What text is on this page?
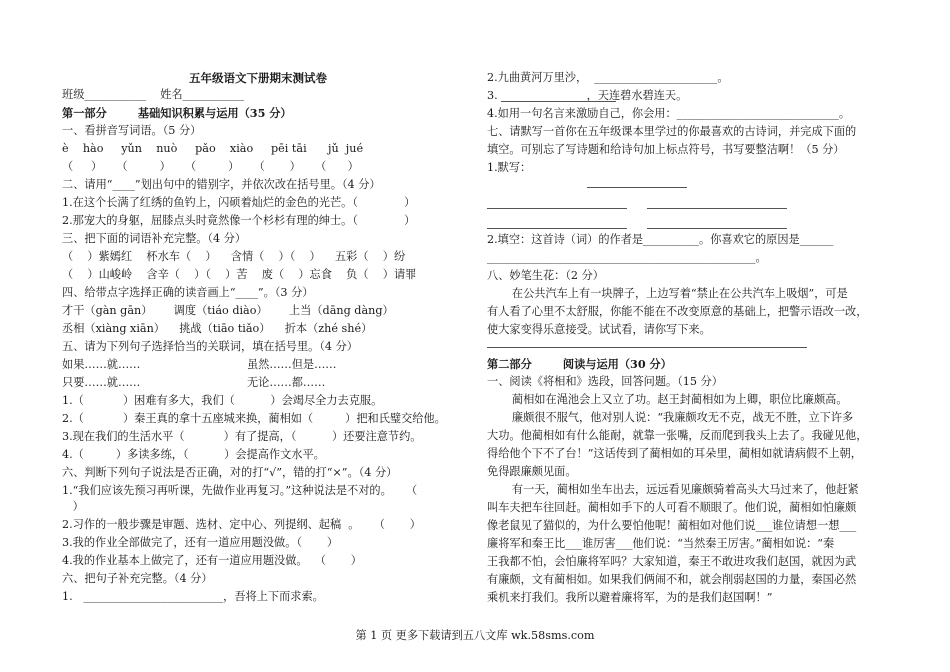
五年级语文下册期末测试卷
班级___________    姓名___________
第一部分        基础知识积累与运用（35 分）
一、看拼音写词语。（5 分）
è    hào     yǔn    nuò     pǎo    xiào     pēi tāi      jǔ  jué
（     ）    （         ）    （         ）    （       ）    （      ）
二、请用“____”划出句中的错别字，并依次改在括号里。（4 分）
1.在这个长满了红绣的鱼钓上，闪硕着灿烂的金色的光芒。（             ）
2.那宠大的身躯，屈膝点头时竟然像一个杉杉有理的绅士。（             ）
三、把下面的词语补充完整。（4 分）
（    ）紫嫣红    杯水车（    ）    含情（    ）（    ）    五彩（    ）纷
（    ）山峻岭    含辛（    ）（    ）苦    废（    ）忘食    负（    ）请罪
四、给带点字选择正确的读音画上“____”。（3 分）
才干（gàn gān）      调度（tiáo diào）      上当（dāng dàng）
丞相（xiàng xiān）    挑战（tiāo tiǎo）    折本（zhé shé）
五、请为下列句子选择恰当的关联词，填在括号里。（4 分）
如果……就……                              虽然……但是……
只要……就……                              无论……都……
1.（           ）困难有多大，我们（          ）会竭尽全力去克服。
2.（           ）秦王真的拿十五座城来换，蔺相如（         ）把和氏璧交给他。
3.现在我们的生活水平（           ）有了提高，（          ）还要注意节约。
4.（         ）多读多练，（          ）会提高作文水平。
六、判断下列句子说法是否正确，对的打“√”，错的打“×”。（4 分）
1.“我们应该先预习再听课，先做作业再复习。”这种说法是不对的。    （
）
2.习作的一般步骤是审题、选材、定中心、列提纲、起稿  。    （       ）
3.我的作业全部做完了，还有一道应用题没做。（       ）
4.我的作业基本上做完了，还有一道应用题没做。  （       ）
六、把句子补充完整。（4 分）
1.   _________________________，吾将上下而求索。
2.九曲黄河万里沙，  ______________________。
3.                         ，天连碧水碧连天。
4.如用一句名言来激励自己，你会用：_____________________________。
七、请默写一首你在五年级课本里学过的你最喜欢的古诗词，并完成下面的
填空。可别忘了写诗题和给诗句加上标点符号，书写要整洁啊！（5 分）
1.默写：
2.填空：这首诗（词）的作者是__________。你喜欢它的原因是______
________________________________________________。
八、妙笔生花：（2 分）
在公共汽车上有一块牌子，上边写着“禁止在公共汽车上吸烟”，可是
有人看了心里不太舒服，你能不能在不改变原意的基础上，把警示语改一改，
使大家变得乐意接受。试试看，请你写下来。
第二部分        阅读与运用（30 分）
一、阅读《将相和》选段，回答问题。（15 分）
蔺相如在渑池会上又立了功。赵王封蔺相如为上卿，职位比廉颇高。
廉颇很不服气，他对别人说：“我廉颇攻无不克，战无不胜，立下许多
大功。他蔺相如有什么能耐，就靠一张嘴，反而爬到我头上去了。我碰见他，
得给他个下不了台！”这话传到了蔺相如的耳朵里，蔺相如就请病假不上朝，
免得跟廉颇见面。
有一天，蔺相如坐车出去，远远看见廉颇骑着高头大马过来了，他赶紧
叫车夫把车往回赶。蔺相如手下的人可看不顺眼了。他们说，蔺相如怕廉颇
像老鼠见了猫似的，为什么要怕他呢！蔺相如对他们说___谁位请想一想___
廉将军和秦王比___谁厉害___他们说：“当然秦王厉害。”蔺相如说：“秦
王我都不怕，会怕廉将军吗？大家知道，秦王不敢进攻我们赵国，就因为武
有廉颇，文有蔺相如。如果我们俩闹不和，就会削弱赵国的力量，秦国必然
乘机来打我们。我所以避着廉将军，为的是我们赵国啊！”
第 1 页 更多下载请到五八文库 wk.58sms.com
